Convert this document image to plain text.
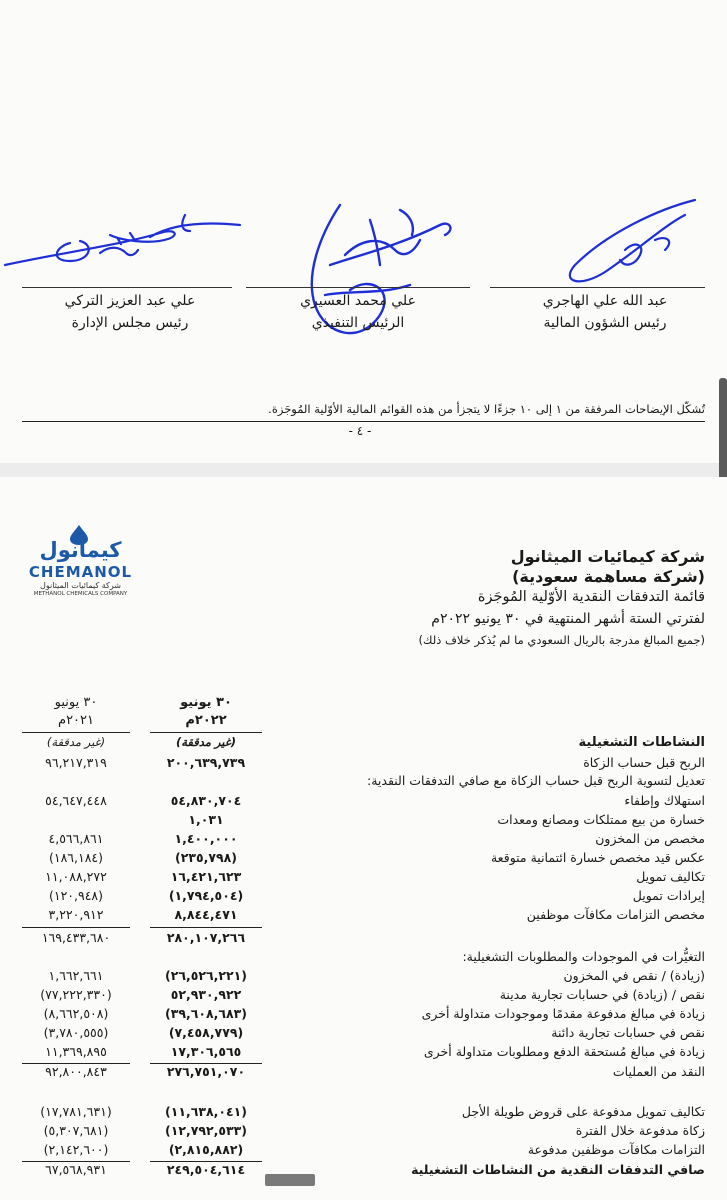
علي عبد العزيز التركي
رئيس مجلس الإدارة
علي محمد العسيري
الرئيس التنفيذي
عبد الله علي الهاجري
رئيس الشؤون المالية
تُشكّل الإيضاحات المرفقة من ١ إلى ١٠ جزءًا لا يتجزأ من هذه القوائم المالية الأوّلية المُوجَزة.
- ٤ -
كيمانول
CHEMANOL
شركة كيمائيات الميثانول
METHANOL CHEMICALS COMPANY
شركة كيمائيات الميثانول
(شركة مساهمة سعودية)
قائمة التدفقات النقدية الأوّلية المُوجَزة
لفترتي الستة أشهر المنتهية في ٣٠ يونيو ٢٠٢٢م
(جميع المبالغ مدرجة بالريال السعودي ما لم يُذكر خلاف ذلك)
٣٠ يونيو
٢٠٢٢م
٣٠ يونيو
٢٠٢١م
(غير مدققة)
(غير مدققة)	النشاطات التشغيلية
تعديل لتسوية الربح قبل حساب الزكاة مع صافي التدفقات النقدية:
التغيُّرات في الموجودات والمطلوبات التشغيلية:
الربح قبل حساب الزكاة
٢٠٠,٦٣٩,٧٣٩
٩٦,٢١٧,٣١٩
استهلاك وإطفاء
٥٤,٨٣٠,٧٠٤
٥٤,٦٤٧,٤٤٨
خسارة من بيع ممتلكات ومصانع ومعدات
١,٠٣١
مخصص من المخزون
١,٤٠٠,٠٠٠
٤,٥٦٦,٨٦١
عكس قيد مخصص خسارة ائتمانية متوقعة
(٢٣٥,٧٩٨)
(١٨٦,١٨٤)
تكاليف تمويل
١٦,٤٢١,٦٢٣
١١,٠٨٨,٢٧٢
إيرادات تمويل
(١,٧٩٤,٥٠٤)
(١٢٠,٩٤٨)
مخصص التزامات مكافآت موظفين
٨,٨٤٤,٤٧١
٣,٢٢٠,٩١٢
٢٨٠,١٠٧,٢٦٦
١٦٩,٤٣٣,٦٨٠
(زيادة) / نقص في المخزون
(٢٦,٥٢٦,٢٢١)
١,٦٦٢,٦٦١
نقص / (زيادة) في حسابات تجارية مدينة
٥٢,٩٣٠,٩٢٢
(٧٧,٢٢٢,٣٣٠)
زيادة في مبالغ مدفوعة مقدمًا وموجودات متداولة أخرى
(٣٩,٦٠٨,٦٨٣)
(٨,٦٦٢,٥٠٨)
نقص في حسابات تجارية دائنة
(٧,٤٥٨,٧٧٩)
(٣,٧٨٠,٥٥٥)
زيادة في مبالغ مُستحقة الدفع ومطلوبات متداولة أخرى
١٧,٣٠٦,٥٦٥
١١,٣٦٩,٨٩٥
النقد من العمليات
٢٧٦,٧٥١,٠٧٠
٩٢,٨٠٠,٨٤٣
تكاليف تمويل مدفوعة على قروض طويلة الأجل
(١١,٦٣٨,٠٤١)
(١٧,٧٨١,٦٣١)
زكاة مدفوعة خلال الفترة
(١٢,٧٩٢,٥٣٣)
(٥,٣٠٧,٦٨١)
التزامات مكافآت موظفين مدفوعة
(٢,٨١٥,٨٨٢)
(٢,١٤٢,٦٠٠)
صافي التدفقات النقدية من النشاطات التشغيلية
٢٤٩,٥٠٤,٦١٤
٦٧,٥٦٨,٩٣١
